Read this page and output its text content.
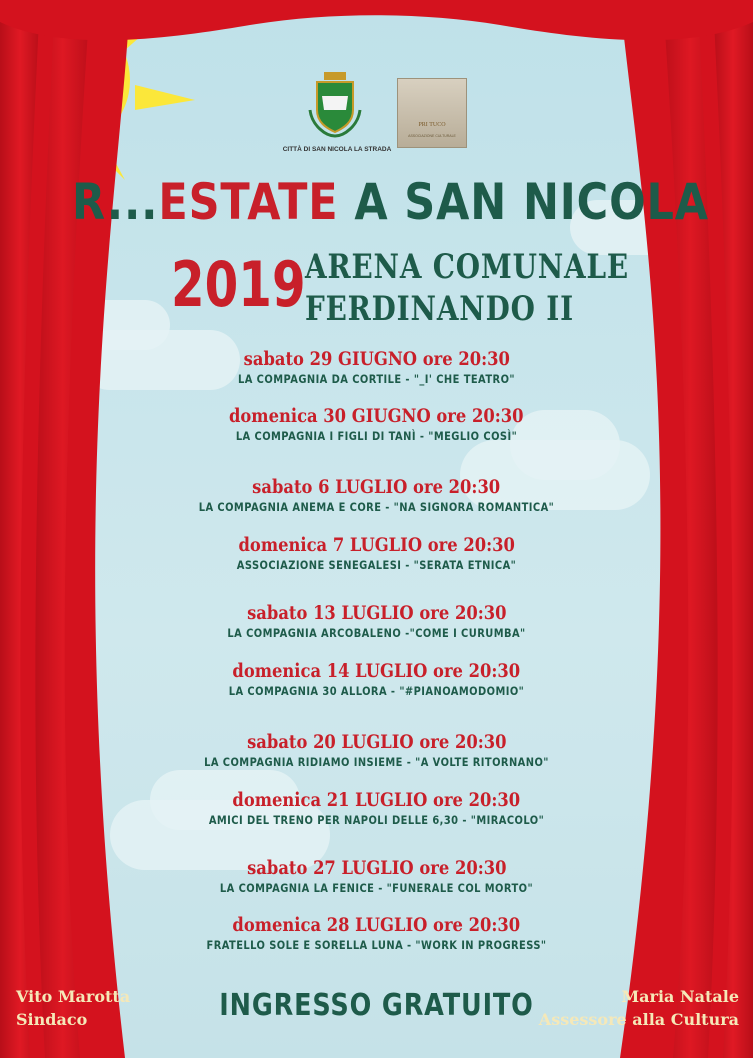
PRI TUCO
ASSOCIAZIONE CULTURALE
CITTÀ DI SAN NICOLA LA STRADA
R...ESTATE A SAN NICOLA
2019 ARENA COMUNALE
FERDINANDO II
sabato 29 GIUGNO ore 20:30
LA COMPAGNIA DA CORTILE - "_I' CHE TEATRO"
domenica 30 GIUGNO ore 20:30
LA COMPAGNIA I FIGLI DI TANÌ - "MEGLIO COSÌ"
sabato 6 LUGLIO ore 20:30
LA COMPAGNIA ANEMA E CORE - "NA SIGNORA ROMANTICA"
domenica 7 LUGLIO ore 20:30
ASSOCIAZIONE SENEGALESI - "SERATA ETNICA"
sabato 13 LUGLIO ore 20:30
LA COMPAGNIA ARCOBALENO -"COME I CURUMBA"
domenica 14 LUGLIO ore 20:30
LA COMPAGNIA 30 ALLORA - "#PIANOAMODOMIO"
sabato 20 LUGLIO ore 20:30
LA COMPAGNIA RIDIAMO INSIEME - "A VOLTE RITORNANO"
domenica 21 LUGLIO ore 20:30
AMICI DEL TRENO PER NAPOLI DELLE 6,30 - "MIRACOLO"
sabato 27 LUGLIO ore 20:30
LA COMPAGNIA LA FENICE - "FUNERALE COL MORTO"
domenica 28 LUGLIO ore 20:30
FRATELLO SOLE E SORELLA LUNA - "WORK IN PROGRESS"
INGRESSO GRATUITO
Vito Marotta
Sindaco
Maria Natale
Assessore alla Cultura
